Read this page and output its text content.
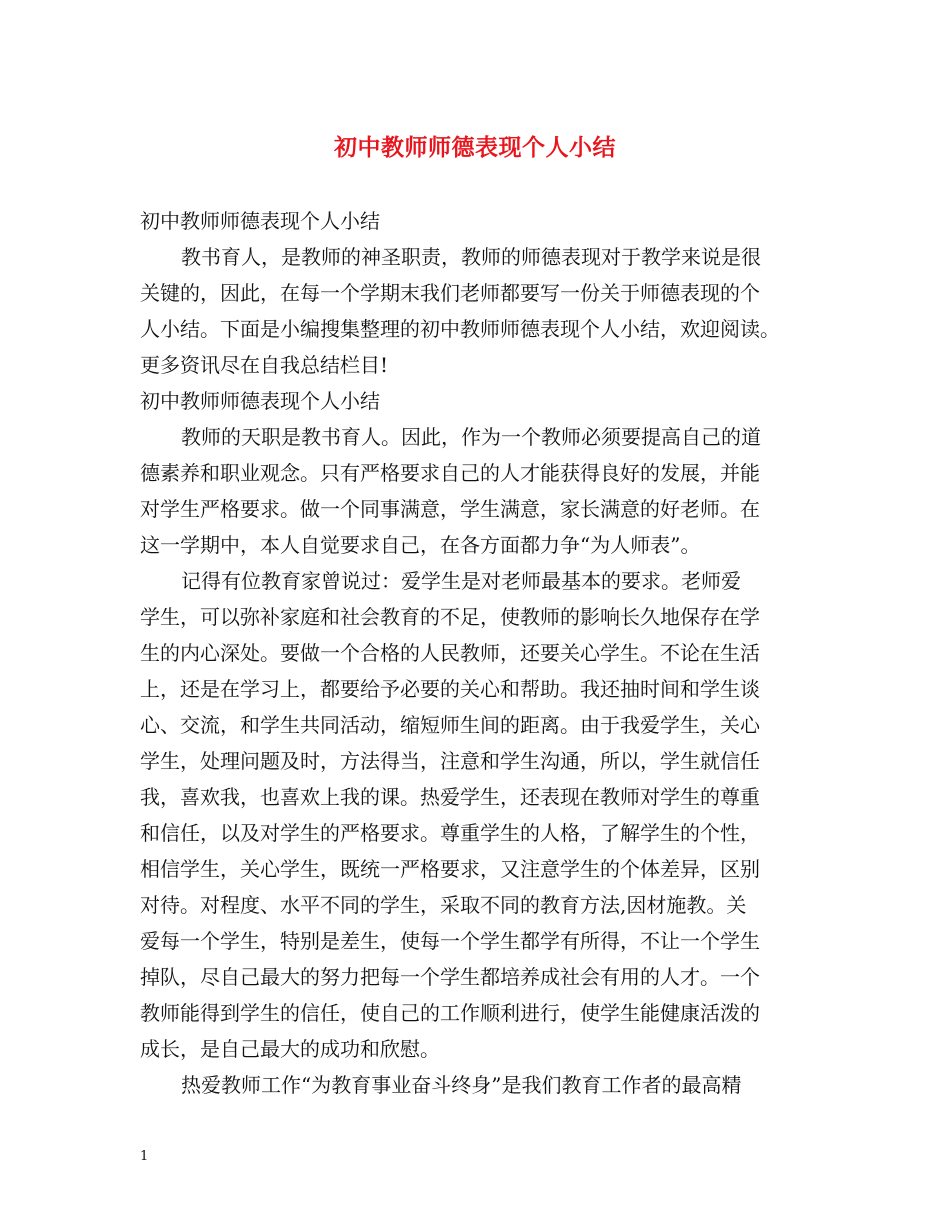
初中教师师德表现个人小结
初中教师师德表现个人小结
教书育人，是教师的神圣职责，教师的师德表现对于教学来说是很
关键的，因此，在每一个学期末我们老师都要写一份关于师德表现的个
人小结。下面是小编搜集整理的初中教师师德表现个人小结，欢迎阅读。
更多资讯尽在自我总结栏目!
初中教师师德表现个人小结
教师的天职是教书育人。因此，作为一个教师必须要提高自己的道
德素养和职业观念。只有严格要求自己的人才能获得良好的发展，并能
对学生严格要求。做一个同事满意，学生满意，家长满意的好老师。在
这一学期中，本人自觉要求自己，在各方面都力争“为人师表”。
记得有位教育家曾说过：爱学生是对老师最基本的要求。老师爱
学生，可以弥补家庭和社会教育的不足，使教师的影响长久地保存在学
生的内心深处。要做一个合格的人民教师，还要关心学生。不论在生活
上，还是在学习上，都要给予必要的关心和帮助。我还抽时间和学生谈
心、交流，和学生共同活动，缩短师生间的距离。由于我爱学生，关心
学生，处理问题及时，方法得当，注意和学生沟通，所以，学生就信任
我，喜欢我，也喜欢上我的课。热爱学生，还表现在教师对学生的尊重
和信任，以及对学生的严格要求。尊重学生的人格，了解学生的个性，
相信学生，关心学生，既统一严格要求，又注意学生的个体差异，区别
对待。对程度、水平不同的学生，采取不同的教育方法,因材施教。关
爱每一个学生，特别是差生，使每一个学生都学有所得，不让一个学生
掉队，尽自己最大的努力把每一个学生都培养成社会有用的人才。一个
教师能得到学生的信任，使自己的工作顺利进行，使学生能健康活泼的
成长，是自己最大的成功和欣慰。
热爱教师工作“为教育事业奋斗终身”是我们教育工作者的最高精
1
